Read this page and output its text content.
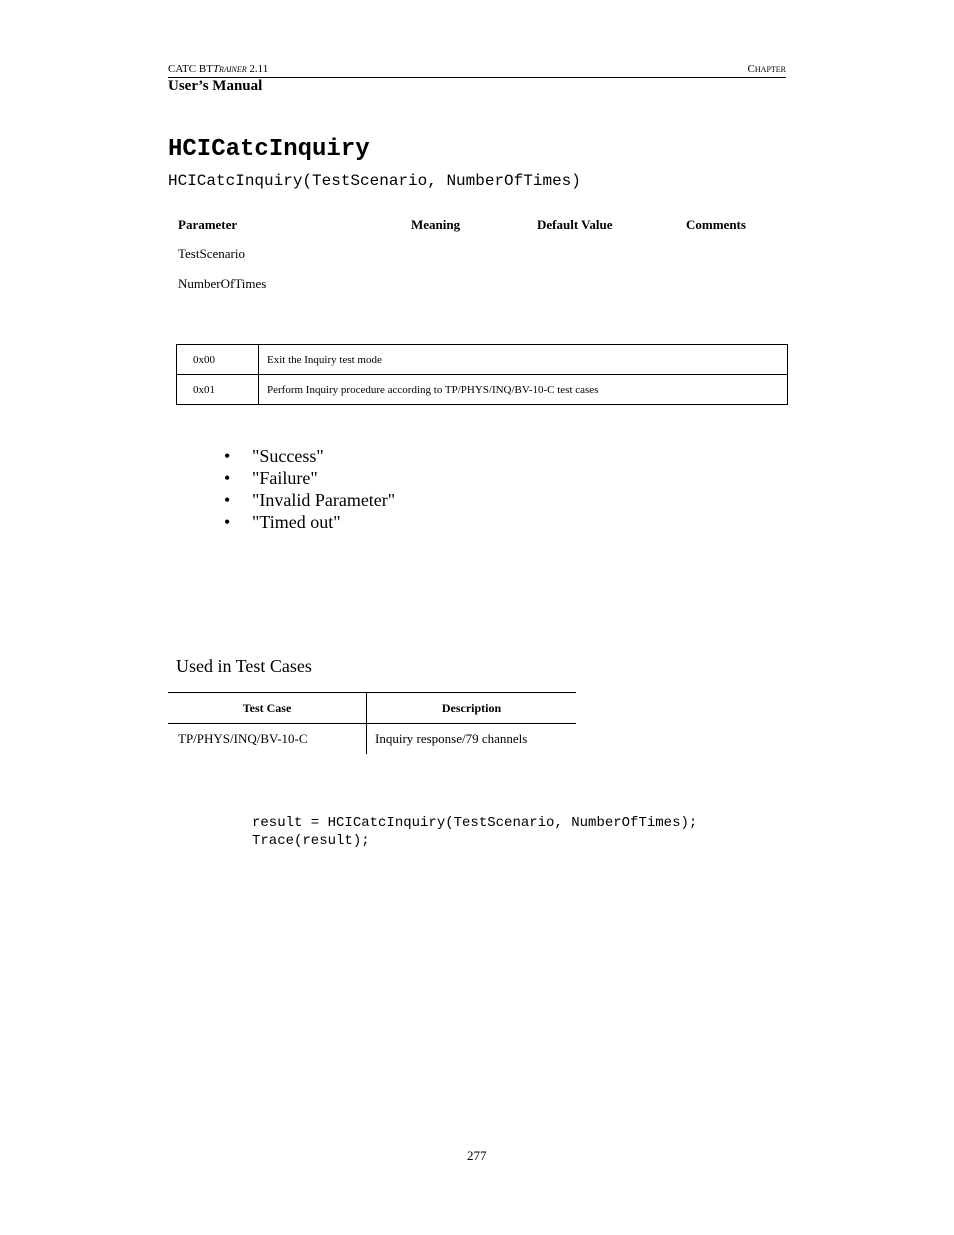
CATC BTTrainer 2.11	Chapter
User’s Manual
HCICatcInquiry
HCICatcInquiry(TestScenario, NumberOfTimes)
Parameter	Meaning	Default Value	Comments
TestScenario
NumberOfTimes
0x00	Exit the Inquiry test mode
0x01	Perform Inquiry procedure according to TP/PHYS/INQ/BV-10-C test cases
• "Success"
• "Failure"
• "Invalid Parameter"
• "Timed out"
Used in Test Cases
Test Case	Description
TP/PHYS/INQ/BV-10-C	Inquiry response/79 channels
result = HCICatcInquiry(TestScenario, NumberOfTimes);
Trace(result);
277
